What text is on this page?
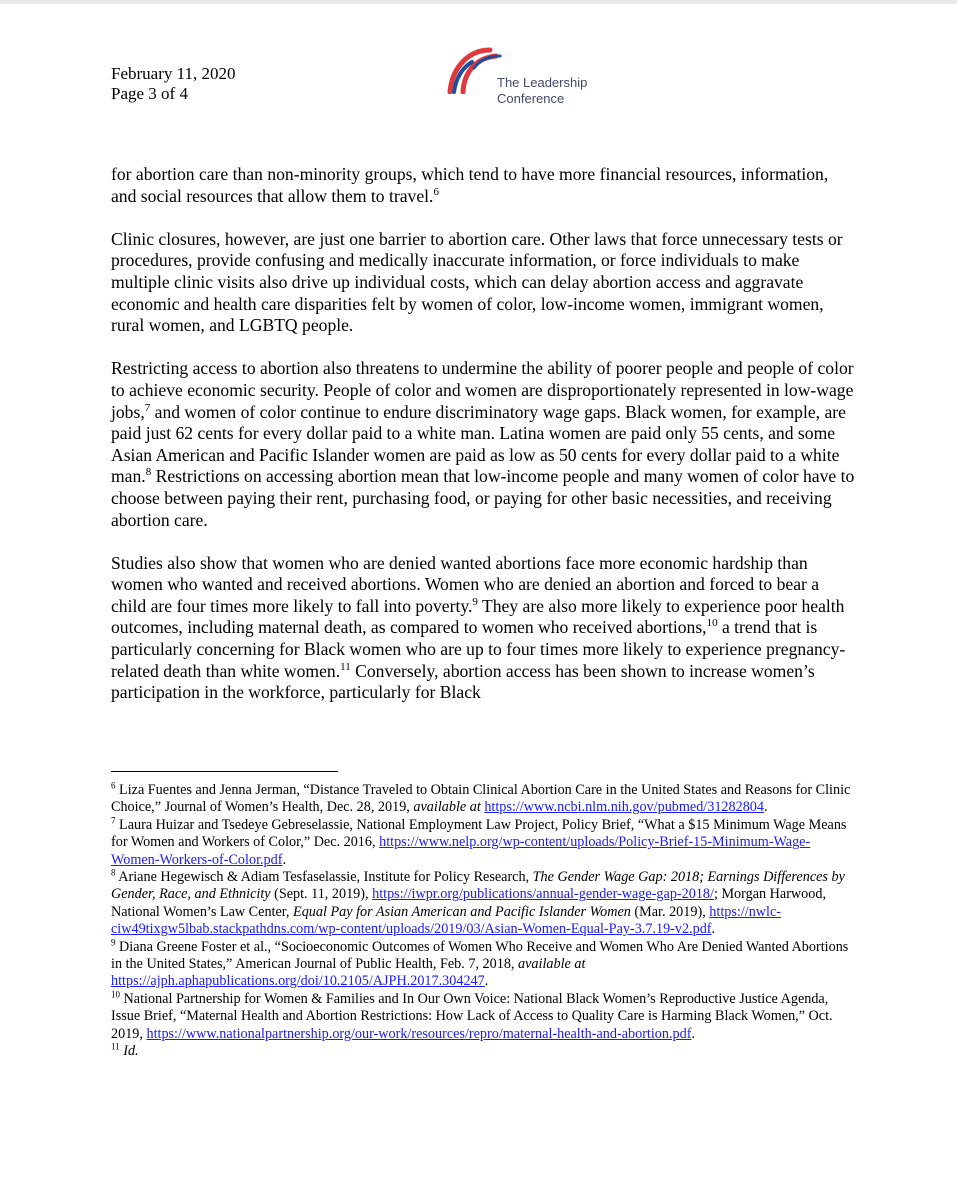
February 11, 2020
Page 3 of 4
The Leadership
Conference

for abortion care than non-minority groups, which tend to have more financial resources, information, and social resources that allow them to travel.$^6$

Clinic closures, however, are just one barrier to abortion care. Other laws that force unnecessary tests or procedures, provide confusing and medically inaccurate information, or force individuals to make multiple clinic visits also drive up individual costs, which can delay abortion access and aggravate economic and health care disparities felt by women of color, low-income women, immigrant women, rural women, and LGBTQ people.

Restricting access to abortion also threatens to undermine the ability of poorer people and people of color to achieve economic security. People of color and women are disproportionately represented in low-wage jobs,$^7$ and women of color continue to endure discriminatory wage gaps. Black women, for example, are paid just 62 cents for every dollar paid to a white man. Latina women are paid only 55 cents, and some Asian American and Pacific Islander women are paid as low as 50 cents for every dollar paid to a white man.$^8$ Restrictions on accessing abortion mean that low-income people and many women of color have to choose between paying their rent, purchasing food, or paying for other basic necessities, and receiving abortion care.

Studies also show that women who are denied wanted abortions face more economic hardship than women who wanted and received abortions. Women who are denied an abortion and forced to bear a child are four times more likely to fall into poverty.$^9$ They are also more likely to experience poor health outcomes, including maternal death, as compared to women who received abortions,$^{10}$ a trend that is particularly concerning for Black women who are up to four times more likely to experience pregnancy-related death than white women.$^{11}$ Conversely, abortion access has been shown to increase women’s participation in the workforce, particularly for Black

$^6$ Liza Fuentes and Jenna Jerman, “Distance Traveled to Obtain Clinical Abortion Care in the United States and Reasons for Clinic Choice,” Journal of Women’s Health, Dec. 28, 2019, available at https://www.ncbi.nlm.nih.gov/pubmed/31282804.
$^7$ Laura Huizar and Tsedeye Gebreselassie, National Employment Law Project, Policy Brief, “What a $15 Minimum Wage Means for Women and Workers of Color,” Dec. 2016, https://www.nelp.org/wp-content/uploads/Policy-Brief-15-Minimum-Wage-Women-Workers-of-Color.pdf.
$^8$ Ariane Hegewisch & Adiam Tesfaselassie, Institute for Policy Research, The Gender Wage Gap: 2018; Earnings Differences by Gender, Race, and Ethnicity (Sept. 11, 2019), https://iwpr.org/publications/annual-gender-wage-gap-2018/; Morgan Harwood, National Women’s Law Center, Equal Pay for Asian American and Pacific Islander Women (Mar. 2019), https://nwlc-ciw49tixgw5lbab.stackpathdns.com/wp-content/uploads/2019/03/Asian-Women-Equal-Pay-3.7.19-v2.pdf.
$^9$ Diana Greene Foster et al., “Socioeconomic Outcomes of Women Who Receive and Women Who Are Denied Wanted Abortions in the United States,” American Journal of Public Health, Feb. 7, 2018, available at https://ajph.aphapublications.org/doi/10.2105/AJPH.2017.304247.
$^{10}$ National Partnership for Women & Families and In Our Own Voice: National Black Women’s Reproductive Justice Agenda, Issue Brief, “Maternal Health and Abortion Restrictions: How Lack of Access to Quality Care is Harming Black Women,” Oct. 2019, https://www.nationalpartnership.org/our-work/resources/repro/maternal-health-and-abortion.pdf.
$^{11}$ Id.
